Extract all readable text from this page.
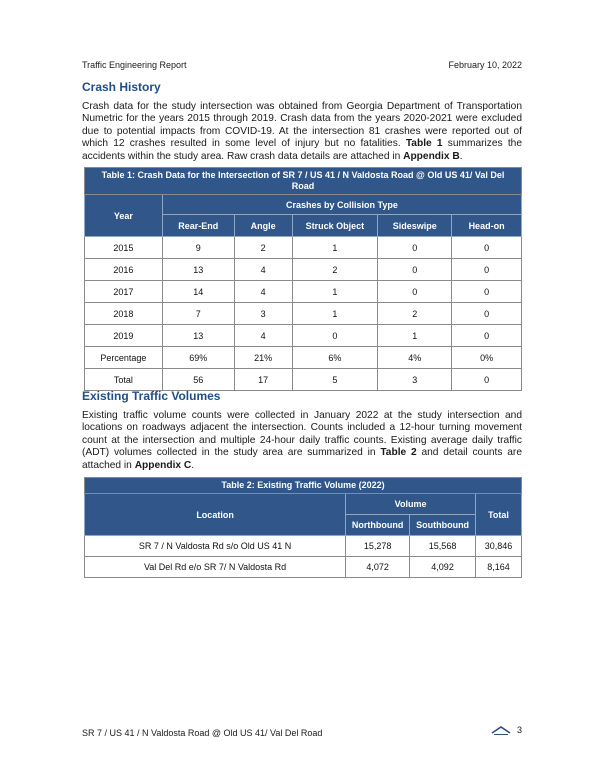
Traffic Engineering Report	February 10, 2022
Crash History

Crash data for the study intersection was obtained from Georgia Department of Transportation Numetric for the years 2015 through 2019. Crash data from the years 2020-2021 were excluded due to potential impacts from COVID-19. At the intersection 81 crashes were reported out of which 12 crashes resulted in some level of injury but no fatalities. Table 1 summarizes the accidents within the study area. Raw crash data details are attached in Appendix B.

Table 1: Crash Data for the Intersection of SR 7 / US 41 / N Valdosta Road @ Old US 41/ Val Del Road					
Year	Crashes by Collision Type				
	Rear-End	Angle	Struck Object	Sideswipe	Head-on
2015	9	2	1	0	0
2016	13	4	2	0	0
2017	14	4	1	0	0
2018	7	3	1	2	0
2019	13	4	0	1	0
Percentage	69%	21%	6%	4%	0%
Total	56	17	5	3	0
Existing Traffic Volumes

Existing traffic volume counts were collected in January 2022 at the study intersection and locations on roadways adjacent the intersection. Counts included a 12-hour turning movement count at the intersection and multiple 24-hour daily traffic counts. Existing average daily traffic (ADT) volumes collected in the study area are summarized in Table 2 and detail counts are attached in Appendix C.

Table 2: Existing Traffic Volume (2022)			
Location	Volume		Total
	Northbound	Southbound	
SR 7 / N Valdosta Rd s/o Old US 41 N	15,278	15,568	30,846
Val Del Rd e/o SR 7/ N Valdosta Rd	4,072	4,092	8,164
SR 7 / US 41 / N Valdosta Road @ Old US 41/ Val Del Road	3
